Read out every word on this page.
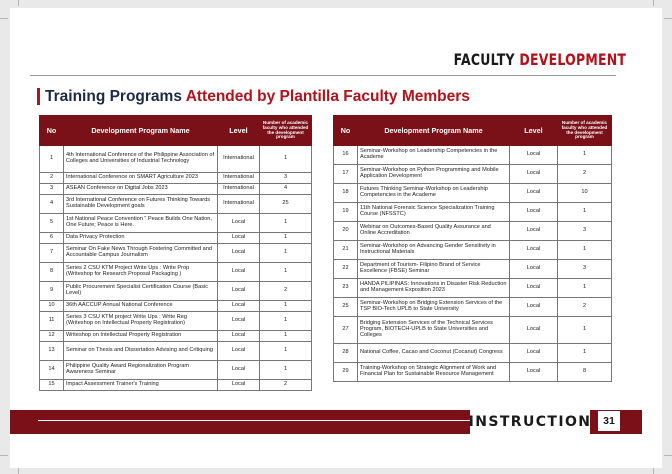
FACULTY DEVELOPMENT
Training Programs Attended by Plantilla Faculty Members
No	Development Program Name	Level	Number of academic faculty who attended the development program
1	4th International Conference of the Philippine Association of Colleges and Universities of Industrial Technology	International	1
2	International Conference on SMART Agriculture 2023	International	3
3	ASEAN Conference on Digital Jobs 2023	International	4
4	3rd International Conference on Futures Thinking Towards Sustainable Development goals	International	25
5	1st National Peace Convention " Peace Builds One Nation, One Future; Peace is Here.	Local	1
6	Data Privacy Protection	Local	1
7	Seminar On Fake News Through Fostering Committed and Accountable Campus Journalism	Local	1
8	Series 2 CSU KTM Project Write Ups : Write Prop (Writeshop for Research Proposal Packaging )	Local	1
9	Public Procurement Specialist Certification Course (Basic Level)	Local	2
10	36th AACCUP Annual National Conference	Local	1
11	Series 3 CSU KTM project Write Ups : Write Reg (Writeshop on Intellectual Property Registration)	Local	1
12	Writeshop on Intellectual Property Registration	Local	1
13	Seminar on Thesis and Dissertation Advising and Critiquing	Local	1
14	Philippine Quality Award Regionalization Program Awareness Seminar	Local	1
15	Impact Assessment Trainer's Training	Local	2
No	Development Program Name	Level	Number of academic faculty who attended the development program
16	Seminar-Workshop on Leadership Competencies in the Academe	Local	1
17	Seminar-Workshop on Python Programming and Mobile Application Development	Local	2
18	Futures Thinking Seminar-Workshop on Leadership Competencies in the Academe	Local	10
19	11th National Forensic Science Specialization Training Course (NFSSTC)	Local	1
20	Webinar on Outcomes-Based Quality Assurance and Online Accreditation	Local	3
21	Seminar-Workshop on Advancing Gender Sensitivity in Instructional Materials	Local	1
22	Department of Tourism- Filipino Brand of Service Excellence (FBSE) Seminar	Local	3
23	HANDA PILIPINAS: Innovations in Disaster Risk Reduction and Management Exposition 2023	Local	1
25	Seminar-Workshop on Bridging Extension Services of the TSP BIO-Tech UPLB to State University	Local	2
27	Bridging Extension Services of the Technical Services Program, BIOTECH-UPLB to State Universities and Colleges	Local	1
28	National Coffee, Cacao and Coconut (Cocanut) Congress	Local	1
29	Training-Workshop on Strategic Alignment of Work and Financial Plan for Sustainable Resource Management	Local	8
INSTRUCTION	31
